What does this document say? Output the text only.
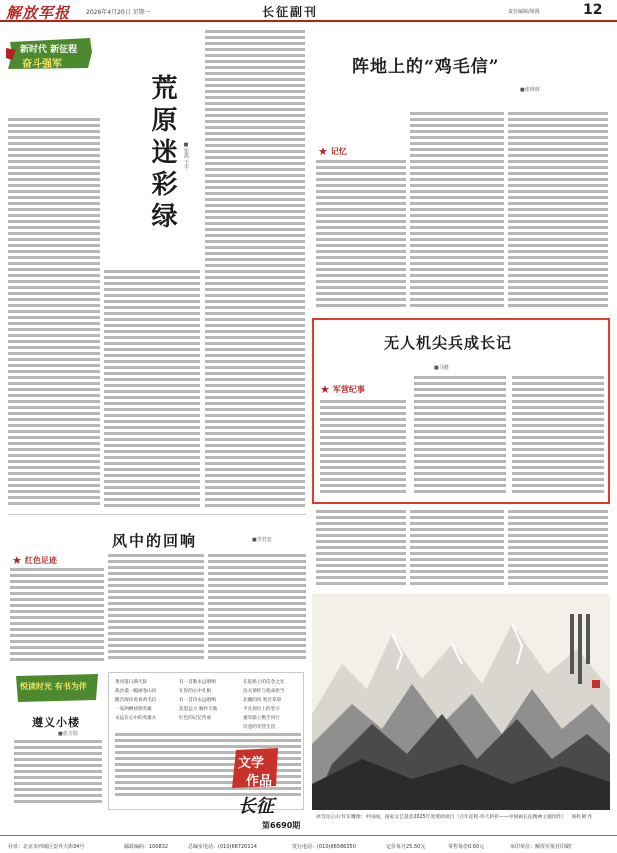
解放军报	2026年4月20日 星期一	长征副刊	责任编辑/梁漫	12
新时代 新征程
奋斗强军
荒原迷彩绿	■张凯 王平
阵地上的“鸡毛信”
■张林林
★ 记忆
无人机尖兵成长记
■马健
★ 军营纪事
风中的回响	■李君安
★ 红色足迹
悦读时光 有书为伴
遵义小楼
■张吉瑞
黄河落日满天际
战沙漠一幅画卷山河
随首海岸看看鸡毛信
一家两栖侦察英雄
永远在心中的英雄兵
有一首歌永远唱响
在你的心中扎根
有一首诗永远唱响
追思远方 胸怀天地
红色的记忆传承
长征路上的信念之光
边关情怀与使命担当
北疆的风 吹过草原
平凡岗位上的坚守
强军路上携手同行
诗意的军营生活
文学
作品
长征
第6690期
冰雪昆仑山 红军雕像：中国画，国家文艺基金2025年度资助项目（百年征程·伟大转折——中国画长征精神主题创作） 杨红朝 作
社址：北京市西城区安外大街34号	邮政编码：100832	总编室电话：(010)66720114	发行电话：(010)66586350	定价每月25.50元	零售每份0.60元	承印单位：解放军报社印刷厂
